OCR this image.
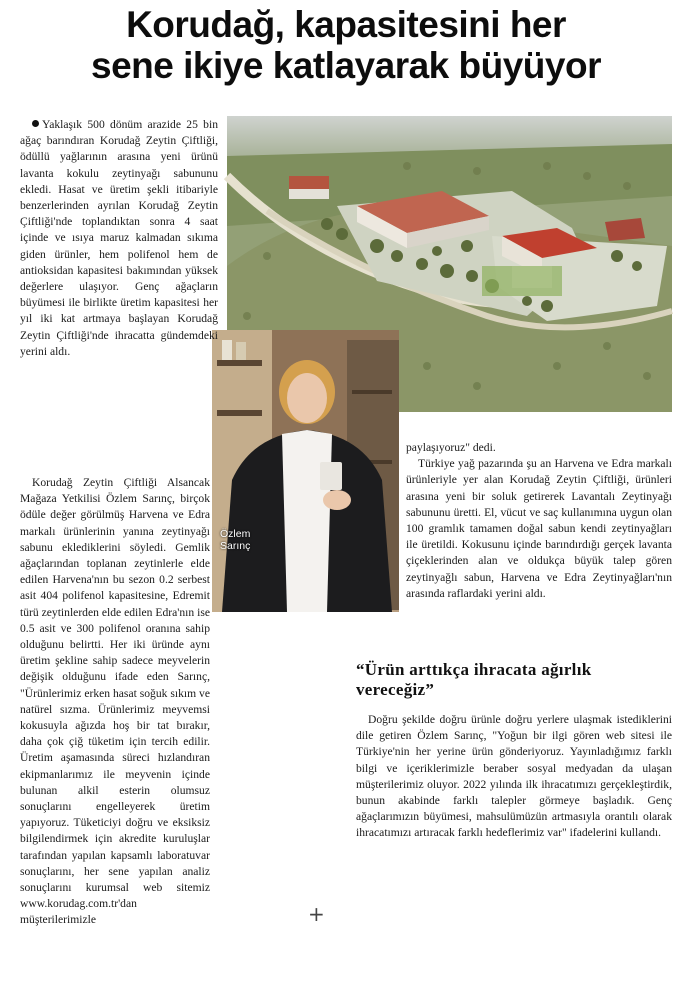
Korudağ, kapasitesini her
sene ikiye katlayarak büyüyor
Özlem
Sarınç

Yaklaşık 500 dönüm arazide 25 bin ağaç barındıran Korudağ Zeytin Çiftliği, ödüllü yağlarının arasına yeni ürünü lavanta kokulu zeytinyağı sabununu ekledi. Hasat ve üretim şekli itibariyle benzerlerinden ayrılan Korudağ Zeytin Çiftliği'nde toplandıktan sonra 4 saat içinde ve ısıya maruz kalmadan sıkıma giden ürünler, hem polifenol hem de antioksidan kapasitesi bakımından yüksek değerlere ulaşıyor. Genç ağaçların büyümesi ile birlikte üretim kapasitesi her yıl iki kat artmaya başlayan Korudağ Zeytin Çiftliği'nde ihracatta gündemdeki yerini aldı.

Korudağ Zeytin Çiftliği Alsancak Mağaza Yetkilisi Özlem Sarınç, birçok ödüle değer görülmüş Harvena ve Edra markalı ürünlerinin yanına zeytinyağı sabunu eklediklerini söyledi. Gemlik ağaçlarından toplanan zeytinlerle elde edilen Harvena'nın bu sezon 0.2 serbest asit 404 polifenol kapasitesine, Edremit türü zeytinlerden elde edilen Edra'nın ise 0.5 asit ve 300 polifenol oranına sahip olduğunu belirtti. Her iki üründe aynı üretim şekline sahip sadece meyvelerin değişik olduğunu ifade eden Sarınç, "Ürünlerimiz erken hasat soğuk sıkım ve natürel sızma. Ürünlerimiz meyvemsi kokusuyla ağızda hoş bir tat bırakır, daha çok çiğ tüketim için tercih edilir. Üretim aşamasında süreci hızlandıran ekipmanlarımız ile meyvenin içinde bulunan alkil esterin olumsuz sonuçlarını engelleyerek üretim yapıyoruz. Tüketiciyi doğru ve eksiksiz bilgilendirmek için akredite kuruluşlar tarafından yapılan kapsamlı laboratuvar sonuçlarını, her sene yapılan analiz sonuçlarını kurumsal web sitemiz www.korudag.com.tr'dan müşterilerimizle

paylaşıyoruz" dedi.

Türkiye yağ pazarında şu an Harvena ve Edra markalı ürünleriyle yer alan Korudağ Zeytin Çiftliği, ürünleri arasına yeni bir soluk getirerek Lavantalı Zeytinyağı sabununu üretti. El, vücut ve saç kullanımına uygun olan 100 gramlık tamamen doğal sabun kendi zeytinyağları ile üretildi. Kokusunu içinde barındırdığı gerçek lavanta çiçeklerinden alan ve oldukça büyük talep gören zeytinyağlı sabun, Harvena ve Edra Zeytinyağları'nın arasında raflardaki yerini aldı.

“Ürün arttıkça ihracata ağırlık vereceğiz”

Doğru şekilde doğru ürünle doğru yerlere ulaşmak istediklerini dile getiren Özlem Sarınç, "Yoğun bir ilgi gören web sitesi ile Türkiye'nin her yerine ürün gönderiyoruz. Yayınladığımız farklı bilgi ve içeriklerimizle beraber sosyal medyadan da ulaşan müşterilerimiz oluyor. 2022 yılında ilk ihracatımızı gerçekleştirdik, bunun akabinde farklı talepler görmeye başladık. Genç ağaçlarımızın büyümesi, mahsulümüzün artmasıyla orantılı olarak ihracatımızı artıracak farklı hedeflerimiz var" ifadelerini kullandı.

+
